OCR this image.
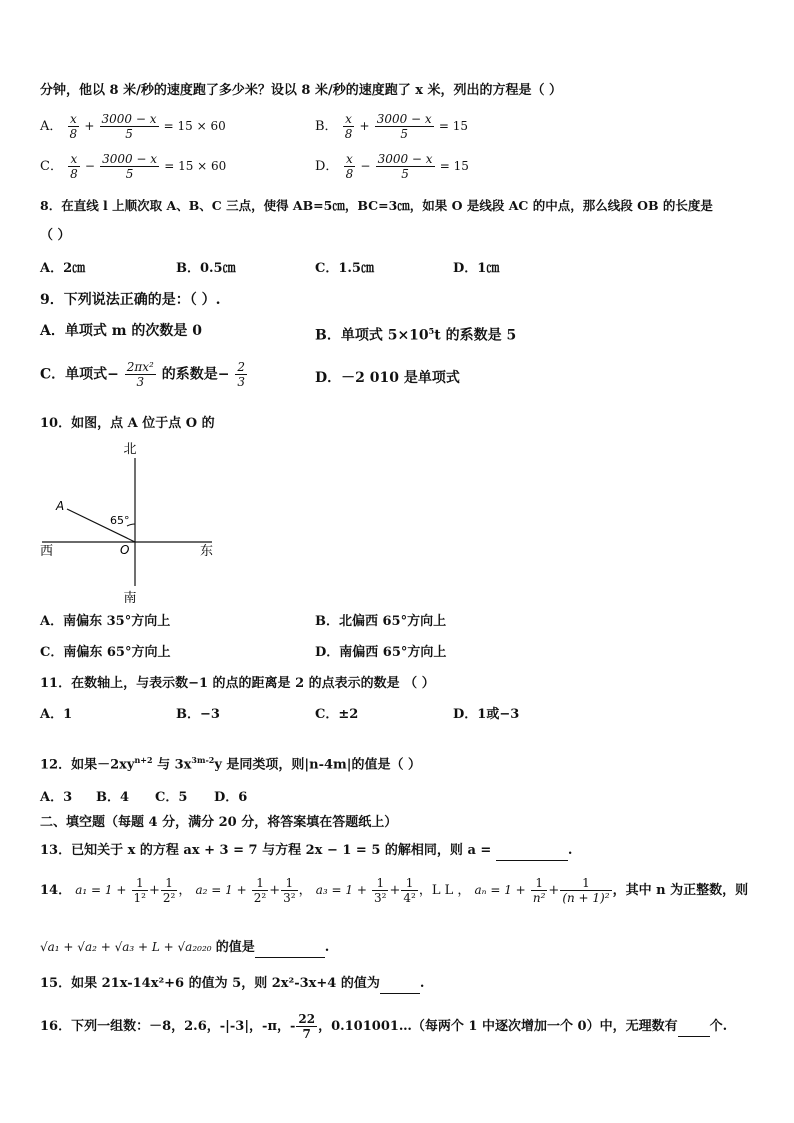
分钟，他以 8 米/秒的速度跑了多少米？设以 8 米/秒的速度跑了 x 米，列出的方程是（ ）
A． $\frac{x}{8} + \frac{3000 - x}{5} = 15 \times 60$	B． $\frac{x}{8} + \frac{3000 - x}{5} = 15$
C． $\frac{x}{8} - \frac{3000 - x}{5} = 15 \times 60$	D． $\frac{x}{8} - \frac{3000 - x}{5} = 15$
8．在直线 l 上顺次取 A、B、C 三点，使得 AB=5㎝，BC=3㎝，如果 O 是线段 AC 的中点，那么线段 OB 的长度是
（ ）
A．2㎝	B．0.5㎝	C．1.5㎝	D．1㎝
9．下列说法正确的是：（ ）.
A．单项式 m 的次数是 0	B．单项式 $5\times 10^5t$ 的系数是 5
C．单项式− $\frac{\text{2πx²}}{3}$ 的系数是− $\frac{2}{3}$	D．－2 010 是单项式
10．如图，点 A 位于点 O 的
北
南
东
西	O
A
65°
A．南偏东 35°方向上	B．北偏西 65°方向上
C．南偏东 65°方向上	D．南偏西 65°方向上
11．在数轴上，与表示数−1 的点的距离是 2 的点表示的数是 （ ）
A．1	B．−3	C．±2	D．1或−3
12．如果$-2xy^{n+2}$ 与 $3x^{3m-2}y$ 是同类项，则|n-4m|的值是（ ）
A．3 B．4 C．5 D．6
二、填空题（每题 4 分，满分 20 分，将答案填在答题纸上）
13．已知关于 x 的方程 ax + 3 = 7 与方程 2x − 1 = 5 的解相同，则 a =	.
14． $a_1 = 1 + \frac{1}{\text{1²}} + \frac{1}{\text{2²}}$ ， $a_2 = 1 + \frac{1}{\text{2²}} + \frac{1}{\text{3²}}$ ， $a_3 = 1 + \frac{1}{\text{3²}} + \frac{1}{\text{4²}}$ ，L L ， $a_n = 1 + \frac{1}{\text{n²}} + \frac{1}{\text{(n + 1)²}}$ ，其中 n 为正整数，则
√a₁ + √a₂ + √a₃ + L + √a₂₀₂₀ 的值是	.
15．如果 21x-14x²+6 的值为 5，则 2x²-3x+4 的值为	.
16．下列一组数：－8，2.6，-|-3|，-π，- $\frac{22}{7}$ ，0.101001…（每两个 1 中逐次增加一个 0）中，无理数有 个.
